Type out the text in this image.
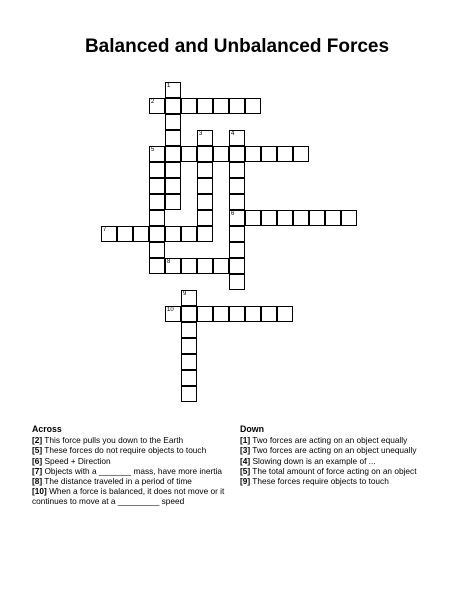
Balanced and Unbalanced Forces
1
2
3	4
6
5
7
8
9
10
Across
[2] This force pulls you down to the Earth
[5] These forces do not require objects to touch
[6] Speed + Direction
[7] Objects with a _______ mass, have more inertia
[8] The distance traveled in a period of time
[10] When a force is balanced, it does not move or it continues to move at a _________ speed
Down
[1] Two forces are acting on an object equally
[3] Two forces are acting on an object unequally
[4] Slowing down is an example of ...
[5] The total amount of force acting on an object
[9] These forces require objects to touch
